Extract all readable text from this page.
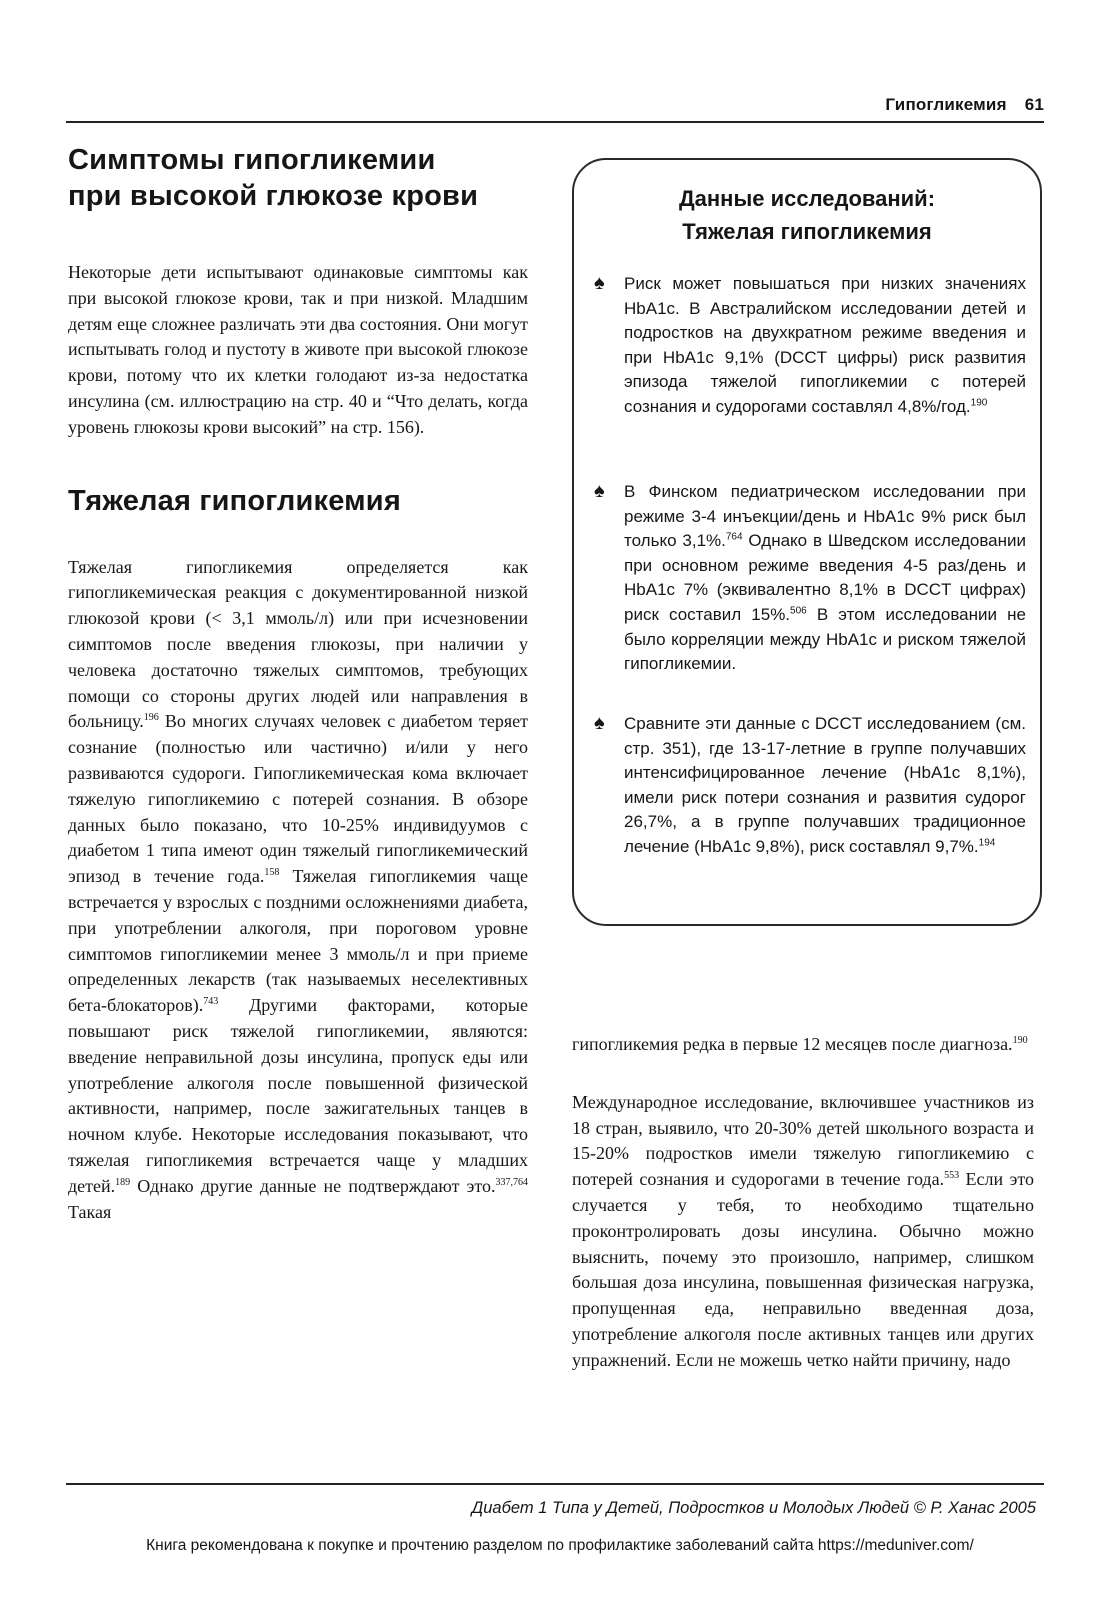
Гипогликемия 61
Симптомы гипогликемии
при высокой глюкозе крови

Некоторые дети испытывают одинаковые симптомы как при высокой глюкозе крови, так и при низкой. Младшим детям еще сложнее различать эти два состояния. Они могут испытывать голод и пустоту в животе при высокой глюкозе крови, потому что их клетки голодают из-за недостатка инсулина (см. иллюстрацию на стр. 40 и “Что делать, когда уровень глюкозы крови высокий” на стр. 156).

Тяжелая гипогликемия

Тяжелая гипогликемия определяется как гипогликемическая реакция с документированной низкой глюкозой крови (< 3,1 ммоль/л) или при исчезновении симптомов после введения глюкозы, при наличии у человека достаточно тяжелых симптомов, требующих помощи со стороны других людей или направления в больницу.$^{196}$ Во многих случаях человек с диабетом теряет сознание (полностью или частично) и/или у него развиваются судороги. Гипогликемическая кома включает тяжелую гипогликемию с потерей сознания. В обзоре данных было показано, что 10-25% индивидуумов с диабетом 1 типа имеют один тяжелый гипогликемический эпизод в течение года.$^{158}$ Тяжелая гипогликемия чаще встречается у взрослых с поздними осложнениями диабета, при употреблении алкоголя, при пороговом уровне симптомов гипогликемии менее 3 ммоль/л и при приеме определенных лекарств (так называемых неселективных бета-блокаторов).$^{743}$ Другими факторами, которые повышают риск тяжелой гипогликемии, являются: введение неправильной дозы инсулина, пропуск еды или употребление алкоголя после повышенной физической активности, например, после зажигательных танцев в ночном клубе. Некоторые исследования показывают, что тяжелая гипогликемия встречается чаще у младших детей.$^{189}$ Однако другие данные не подтверждают это.$^{337,764}$ Такая

Данные исследований:
Тяжелая гипогликемия
♠ Риск может повышаться при низких значениях HbA1c. В Австралийском исследовании детей и подростков на двухкратном режиме введения и при HbA1c 9,1% (DCCT цифры) риск развития эпизода тяжелой гипогликемии с потерей сознания и судорогами составлял 4,8%/год.$^{190}$
♠ В Финском педиатрическом исследовании при режиме 3-4 инъекции/день и HbA1c 9% риск был только 3,1%.$^{764}$ Однако в Шведском исследовании при основном режиме введения 4-5 раз/день и HbA1c 7% (эквивалентно 8,1% в DCCT цифрах) риск составил 15%.$^{506}$ В этом исследовании не было корреляции между HbA1c и риском тяжелой гипогликемии.
♠ Сравните эти данные с DCCT исследованием (см. стр. 351), где 13-17-летние в группе получавших интенсифицированное лечение (HbA1c 8,1%), имели риск потери сознания и развития судорог 26,7%, а в группе получавших традиционное лечение (HbA1c 9,8%), риск составлял 9,7%.$^{194}$

гипогликемия редка в первые 12 месяцев после диагноза.$^{190}$

Международное исследование, включившее участников из 18 стран, выявило, что 20-30% детей школьного возраста и 15-20% подростков имели тяжелую гипогликемию с потерей сознания и судорогами в течение года.$^{553}$ Если это случается у тебя, то необходимо тщательно проконтролировать дозы инсулина. Обычно можно выяснить, почему это произошло, например, слишком большая доза инсулина, повышенная физическая нагрузка, пропущенная еда, неправильно введенная доза, употребление алкоголя после активных танцев или других упражнений. Если не можешь четко найти причину, надо

Диабет 1 Типа у Детей, Подростков и Молодых Людей © Р. Ханас 2005
Книга рекомендована к покупке и прочтению разделом по профилактике заболеваний сайта https://meduniver.com/
